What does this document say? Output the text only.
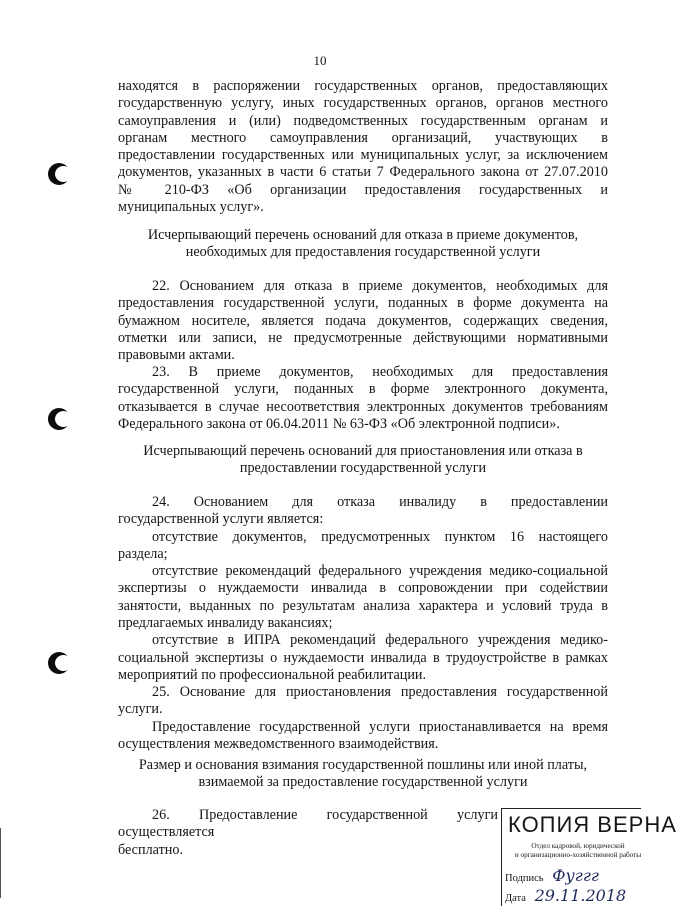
10
находятся в распоряжении государственных органов, предоставляющих
государственную услугу, иных государственных органов, органов местного
самоуправления и (или) подведомственных государственным органам и
органам местного самоуправления организаций, участвующих в
предоставлении государственных или муниципальных услуг, за исключением
документов, указанных в части 6 статьи 7 Федерального закона от 27.07.2010
№ 210-ФЗ «Об организации предоставления государственных и
муниципальных услуг».
Исчерпывающий перечень оснований для отказа в приеме документов,
необходимых для предоставления государственной услуги
22. Основанием для отказа в приеме документов, необходимых для
предоставления государственной услуги, поданных в форме документа на
бумажном носителе, является подача документов, содержащих сведения,
отметки или записи, не предусмотренные действующими нормативными
правовыми актами.
23. В приеме документов, необходимых для предоставления
государственной услуги, поданных в форме электронного документа,
отказывается в случае несоответствия электронных документов требованиям
Федерального закона от 06.04.2011 № 63-ФЗ «Об электронной подписи».
Исчерпывающий перечень оснований для приостановления или отказа в
предоставлении государственной услуги
24. Основанием для отказа инвалиду в предоставлении
государственной услуги является:
отсутствие документов, предусмотренных пунктом 16 настоящего
раздела;
отсутствие рекомендаций федерального учреждения медико-социальной
экспертизы о нуждаемости инвалида в сопровождении при содействии
занятости, выданных по результатам анализа характера и условий труда в
предлагаемых инвалиду вакансиях;
отсутствие в ИПРА рекомендаций федерального учреждения медико-
социальной экспертизы о нуждаемости инвалида в трудоустройстве в рамках
мероприятий по профессиональной реабилитации.
25. Основание для приостановления предоставления государственной
услуги.
Предоставление государственной услуги приостанавливается на время
осуществления межведомственного взаимодействия.
Размер и основания взимания государственной пошлины или иной платы,
взимаемой за предоставление государственной услуги
26. Предоставление государственной услуги осуществляется
бесплатно.
КОПИЯ ВЕРНА
Отдел кадровой, юридической
и организационно-хозяйственной работы
Подпись Фуггг
Дата 29.11.2018
